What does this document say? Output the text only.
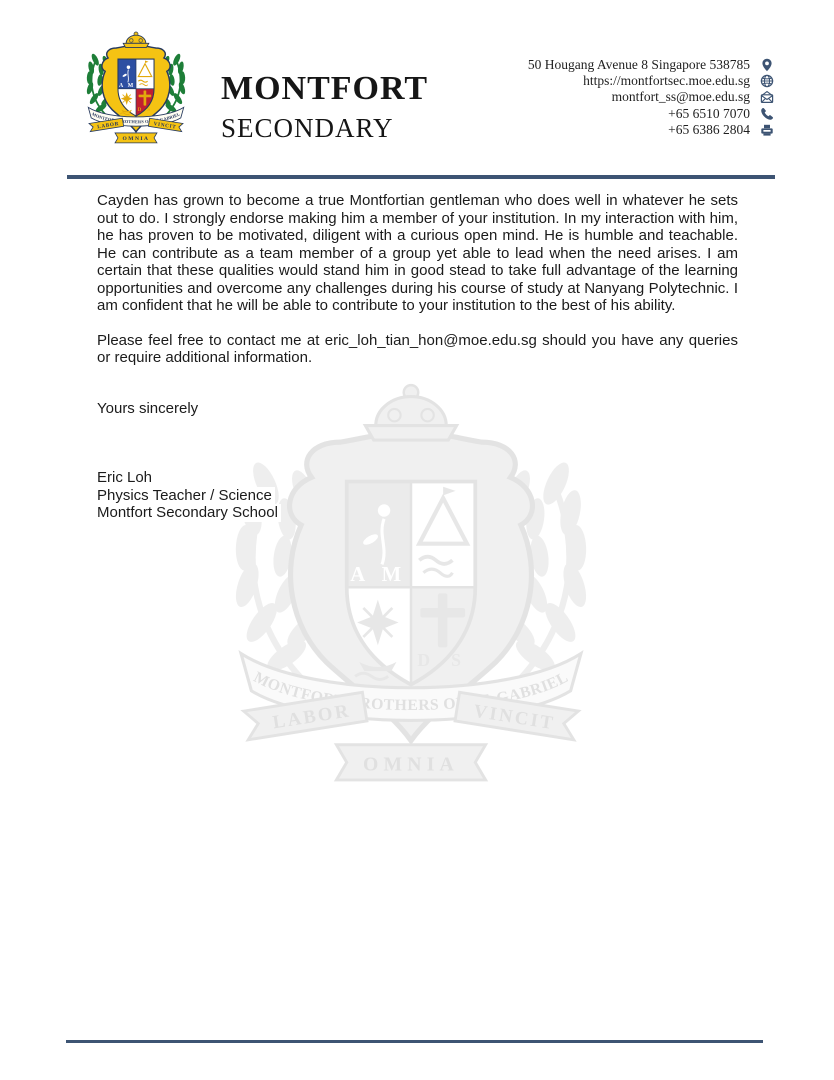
MONTFORT
SECONDARY
50 Hougang Avenue 8 Singapore 538785
https://montfortsec.moe.edu.sg
montfort_ss@moe.edu.sg
+65 6510 7070
+65 6386 2804

Cayden has grown to become a true Montfortian gentleman who does well in whatever he sets out to do. I strongly endorse making him a member of your institution. In my interaction with him, he has proven to be motivated, diligent with a curious open mind. He is humble and teachable. He can contribute as a team member of a group yet able to lead when the need arises. I am certain that these qualities would stand him in good stead to take full advantage of the learning opportunities and overcome any challenges during his course of study at Nanyang Polytechnic. I am confident that he will be able to contribute to your institution to the best of his ability.

Please feel free to contact me at eric_loh_tian_hon@moe.edu.sg should you have any queries or require additional information.

Yours sincerely

Eric Loh
Physics Teacher / Science
Montfort Secondary School
